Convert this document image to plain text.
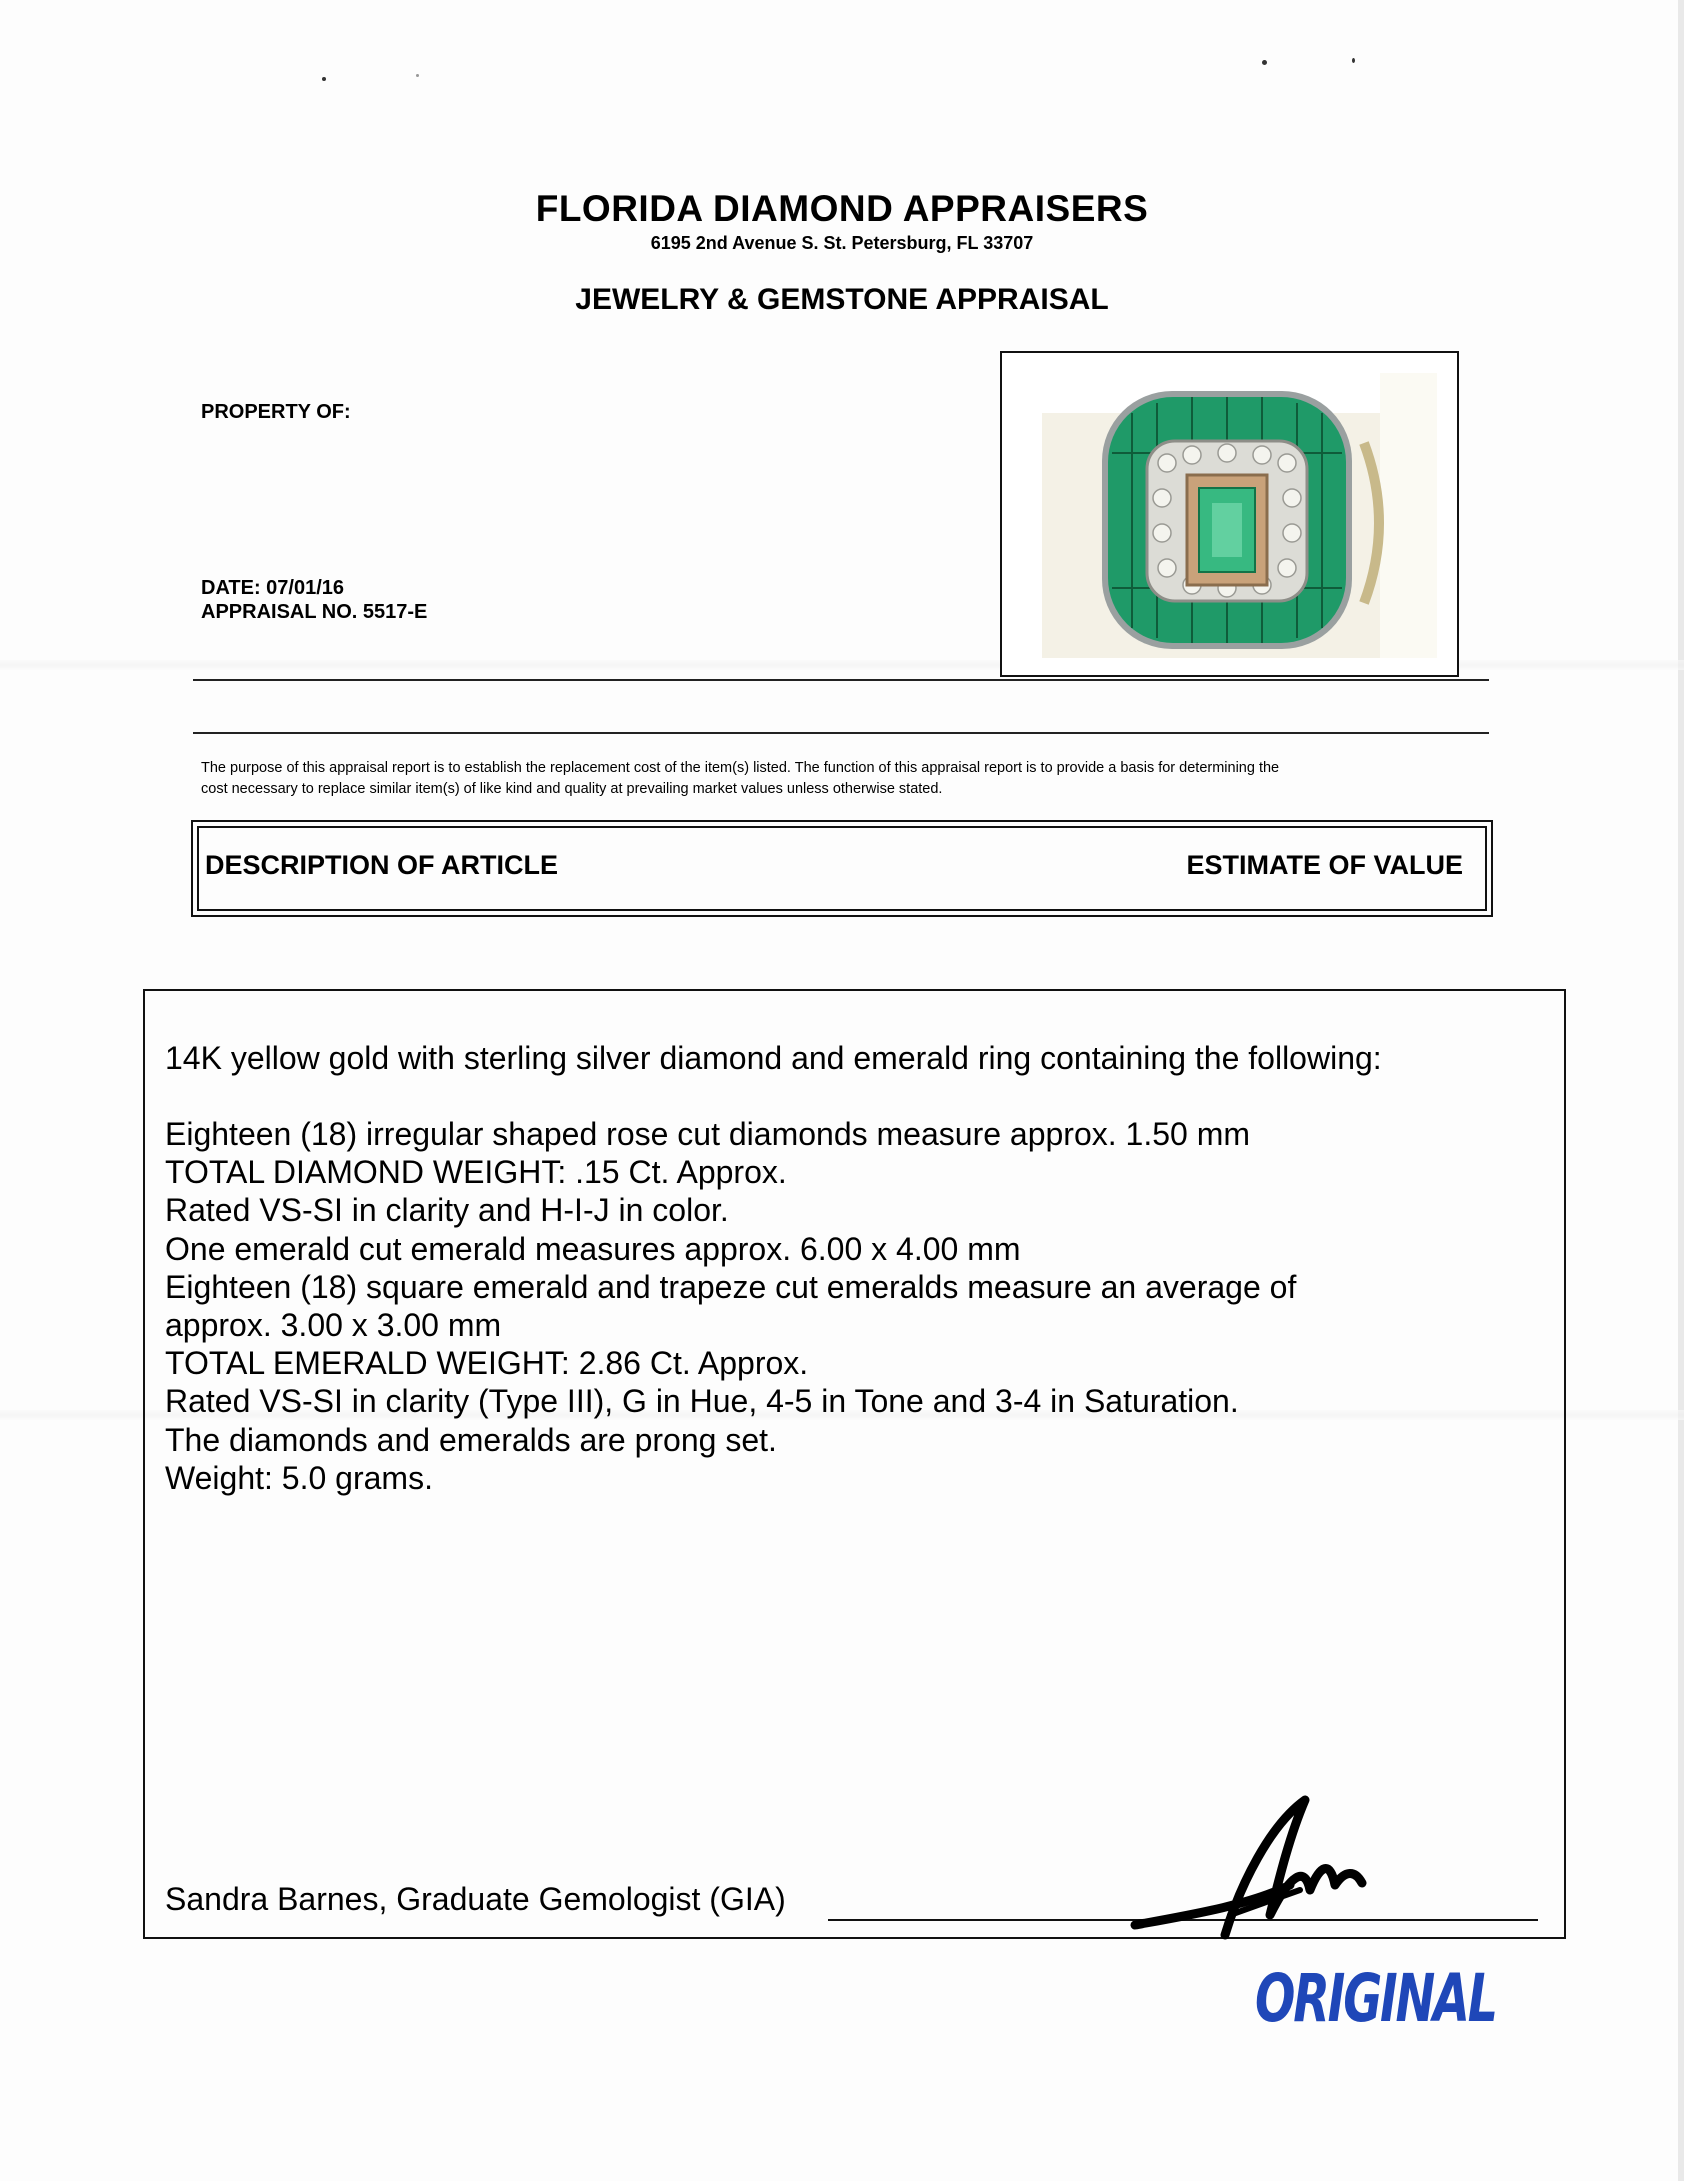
FLORIDA DIAMOND APPRAISERS
6195 2nd Avenue S. St. Petersburg, FL 33707
JEWELRY & GEMSTONE APPRAISAL
PROPERTY OF:
DATE: 07/01/16
APPRAISAL NO. 5517-E
The purpose of this appraisal report is to establish the replacement cost of the item(s) listed. The function of this appraisal report is to provide a basis for determining the
cost necessary to replace similar item(s) of like kind and quality at prevailing market values unless otherwise stated.
DESCRIPTION OF ARTICLE	ESTIMATE OF VALUE
14K yellow gold with sterling silver diamond and emerald ring containing the following:
Eighteen (18) irregular shaped rose cut diamonds measure approx. 1.50 mm
TOTAL DIAMOND WEIGHT: .15 Ct. Approx.
Rated VS-SI in clarity and H-I-J in color.
One emerald cut emerald measures approx. 6.00 x 4.00 mm
Eighteen (18) square emerald and trapeze cut emeralds measure an average of
approx. 3.00 x 3.00 mm
TOTAL EMERALD WEIGHT: 2.86 Ct. Approx.
Rated VS-SI in clarity (Type III), G in Hue, 4-5 in Tone and 3-4 in Saturation.
The diamonds and emeralds are prong set.
Weight: 5.0 grams.
Sandra Barnes, Graduate Gemologist (GIA)
ORIGINAL
